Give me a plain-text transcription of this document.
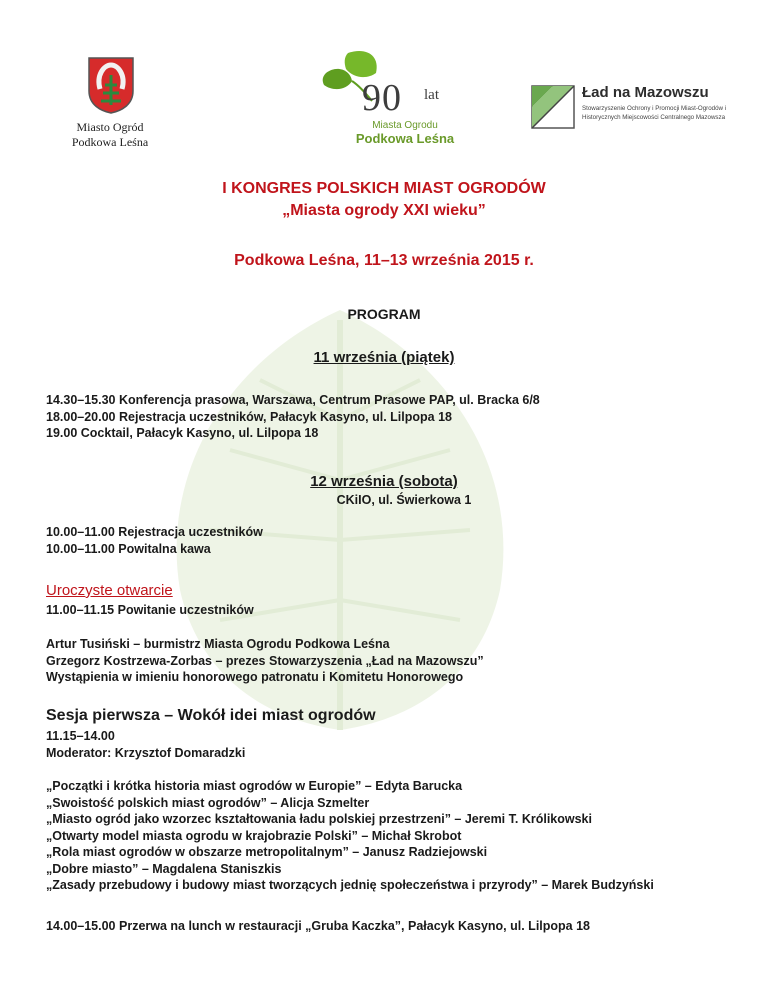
Miasto Ogród
Podkowa Leśna
90 lat
Miasta Ogrodu
Podkowa Leśna
Ład na Mazowszu
Stowarzyszenie Ochrony i Promocji Miast-Ogrodów i Historycznych Miejscowości Centralnego Mazowsza
I KONGRES POLSKICH MIAST OGRODÓW
„Miasta ogrody XXI wieku”
Podkowa Leśna, 11–13 września 2015 r.
PROGRAM
11 września (piątek)
14.30–15.30 Konferencja prasowa, Warszawa, Centrum Prasowe PAP, ul. Bracka 6/8
18.00–20.00 Rejestracja uczestników, Pałacyk Kasyno, ul. Lilpopa 18
19.00 Cocktail, Pałacyk Kasyno, ul. Lilpopa 18
12 września (sobota)
CKiIO, ul. Świerkowa 1
10.00–11.00 Rejestracja uczestników
10.00–11.00 Powitalna kawa
Uroczyste otwarcie
11.00–11.15 Powitanie uczestników
Artur Tusiński – burmistrz Miasta Ogrodu Podkowa Leśna
Grzegorz Kostrzewa-Zorbas – prezes Stowarzyszenia „Ład na Mazowszu”
Wystąpienia w imieniu honorowego patronatu i Komitetu Honorowego
Sesja pierwsza – Wokół idei miast ogrodów
11.15–14.00
Moderator: Krzysztof Domaradzki
„Początki i krótka historia miast ogrodów w Europie” – Edyta Barucka
„Swoistość polskich miast ogrodów” – Alicja Szmelter
„Miasto ogród jako wzorzec kształtowania ładu polskiej przestrzeni” – Jeremi T. Królikowski
„Otwarty model miasta ogrodu w krajobrazie Polski” – Michał Skrobot
„Rola miast ogrodów w obszarze metropolitalnym” – Janusz Radziejowski
„Dobre miasto” – Magdalena Staniszkis
„Zasady przebudowy i budowy miast tworzących jednię społeczeństwa i przyrody” – Marek Budzyński
14.00–15.00 Przerwa na lunch w restauracji „Gruba Kaczka”, Pałacyk Kasyno, ul. Lilpopa 18
